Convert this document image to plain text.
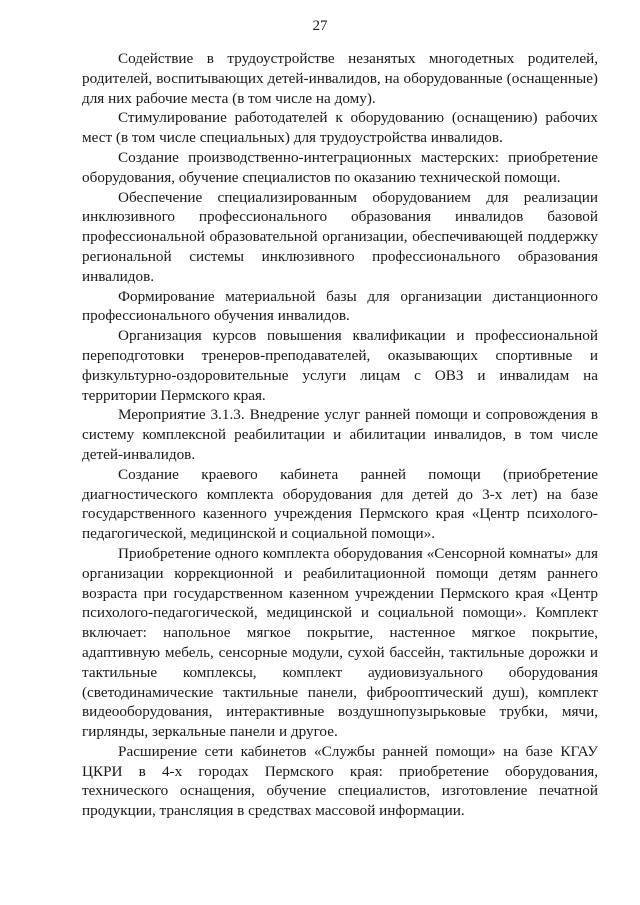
27

Содействие в трудоустройстве незанятых многодетных родителей, родителей, воспитывающих детей-инвалидов, на оборудованные (оснащенные) для них рабочие места (в том числе на дому).

Стимулирование работодателей к оборудованию (оснащению) рабочих мест (в том числе специальных) для трудоустройства инвалидов.

Создание производственно-интеграционных мастерских: приобретение оборудования, обучение специалистов по оказанию технической помощи.

Обеспечение специализированным оборудованием для реализации инклюзивного профессионального образования инвалидов базовой профессиональной образовательной организации, обеспечивающей поддержку региональной системы инклюзивного профессионального образования инвалидов.

Формирование материальной базы для организации дистанционного профессионального обучения инвалидов.

Организация курсов повышения квалификации и профессиональной переподготовки тренеров-преподавателей, оказывающих спортивные и физкультурно-оздоровительные услуги лицам с ОВЗ и инвалидам на территории Пермского края.

Мероприятие 3.1.3. Внедрение услуг ранней помощи и сопровождения в систему комплексной реабилитации и абилитации инвалидов, в том числе детей-инвалидов.

Создание краевого кабинета ранней помощи (приобретение диагностического комплекта оборудования для детей до 3-х лет) на базе государственного казенного учреждения Пермского края «Центр психолого-педагогической, медицинской и социальной помощи».

Приобретение одного комплекта оборудования «Сенсорной комнаты» для организации коррекционной и реабилитационной помощи детям раннего возраста при государственном казенном учреждении Пермского края «Центр психолого-педагогической, медицинской и социальной помощи». Комплект включает: напольное мягкое покрытие, настенное мягкое покрытие, адаптивную мебель, сенсорные модули, сухой бассейн, тактильные дорожки и тактильные комплексы, комплект аудиовизуального оборудования (светодинамические тактильные панели, фиброоптический душ), комплект видеооборудования, интерактивные воздушнопузырьковые трубки, мячи, гирлянды, зеркальные панели и другое.

Расширение сети кабинетов «Службы ранней помощи» на базе КГАУ ЦКРИ в 4-х городах Пермского края: приобретение оборудования, технического оснащения, обучение специалистов, изготовление печатной продукции, трансляция в средствах массовой информации.
